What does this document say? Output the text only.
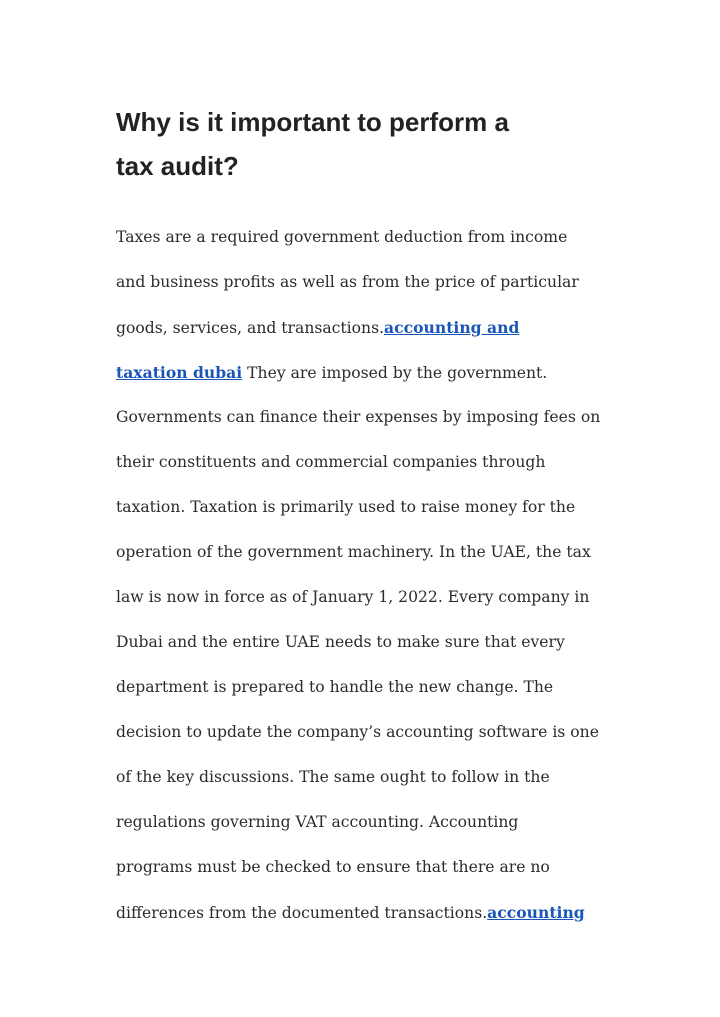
Why is it important to perform a
tax audit?
Taxes are a required government deduction from income
and business profits as well as from the price of particular
goods, services, and transactions.accounting and
taxation dubai They are imposed by the government.
Governments can finance their expenses by imposing fees on
their constituents and commercial companies through
taxation. Taxation is primarily used to raise money for the
operation of the government machinery. In the UAE, the tax
law is now in force as of January 1, 2022. Every company in
Dubai and the entire UAE needs to make sure that every
department is prepared to handle the new change. The
decision to update the company’s accounting software is one
of the key discussions. The same ought to follow in the
regulations governing VAT accounting. Accounting
programs must be checked to ensure that there are no
differences from the documented transactions.accounting
